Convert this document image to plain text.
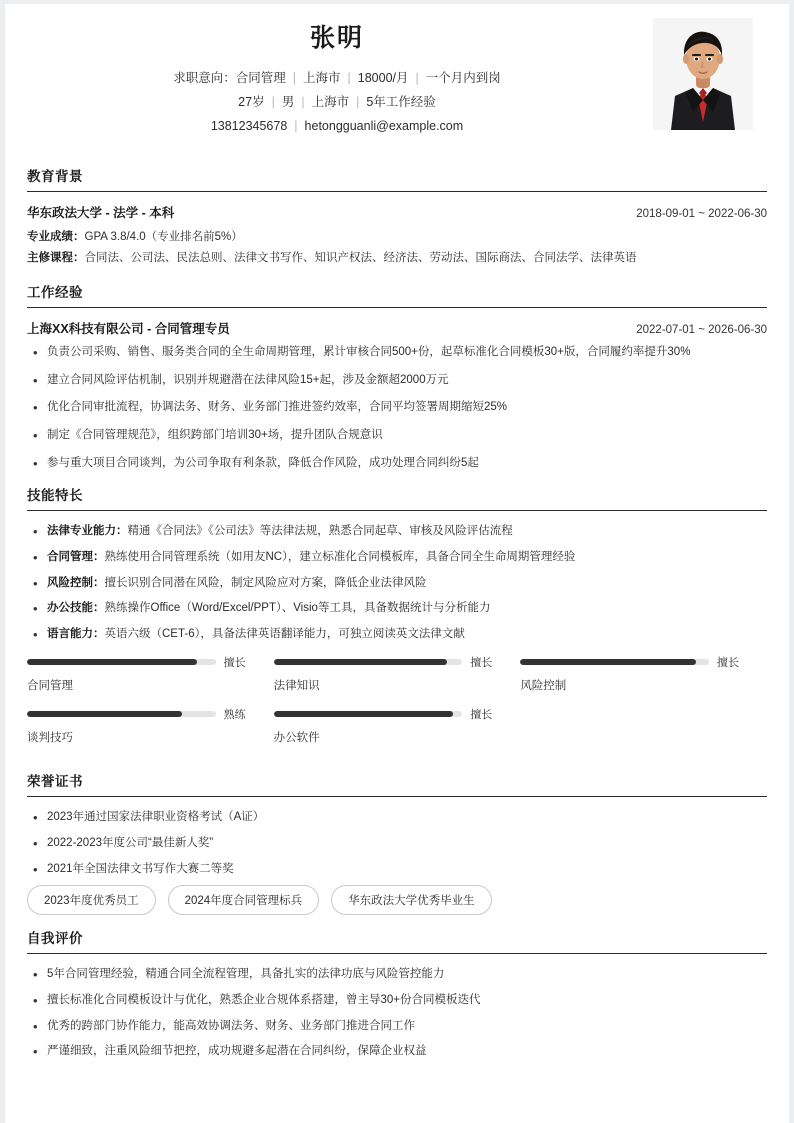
张明
求职意向：合同管理 | 上海市 | 18000/月 | 一个月内到岗
27岁 | 男 | 上海市 | 5年工作经验
13812345678 | hetongguanli@example.com
教育背景
华东政法大学 - 法学 - 本科	2018-09-01 ~ 2022-06-30
专业成绩：GPA 3.8/4.0（专业排名前5%）
主修课程：合同法、公司法、民法总则、法律文书写作、知识产权法、经济法、劳动法、国际商法、合同法学、法律英语
工作经验
上海XX科技有限公司 - 合同管理专员	2022-07-01 ~ 2026-06-30
• 负责公司采购、销售、服务类合同的全生命周期管理，累计审核合同500+份，起草标准化合同模板30+版，合同履约率提升30%
• 建立合同风险评估机制，识别并规避潜在法律风险15+起，涉及金额超2000万元
• 优化合同审批流程，协调法务、财务、业务部门推进签约效率，合同平均签署周期缩短25%
• 制定《合同管理规范》，组织跨部门培训30+场，提升团队合规意识
• 参与重大项目合同谈判，为公司争取有利条款，降低合作风险，成功处理合同纠纷5起
技能特长
• 法律专业能力：精通《合同法》《公司法》等法律法规，熟悉合同起草、审核及风险评估流程
• 合同管理：熟练使用合同管理系统（如用友NC），建立标准化合同模板库，具备合同全生命周期管理经验
• 风险控制：擅长识别合同潜在风险，制定风险应对方案，降低企业法律风险
• 办公技能：熟练操作Office（Word/Excel/PPT）、Visio等工具，具备数据统计与分析能力
• 语言能力：英语六级（CET-6），具备法律英语翻译能力，可独立阅读英文法律文献
擅长
合同管理
擅长
法律知识
擅长
风险控制
熟练
谈判技巧
擅长
办公软件
荣誉证书
• 2023年通过国家法律职业资格考试（A证）
• 2022-2023年度公司“最佳新人奖”
• 2021年全国法律文书写作大赛二等奖
2023年度优秀员工	2024年度合同管理标兵	华东政法大学优秀毕业生
自我评价
• 5年合同管理经验，精通合同全流程管理，具备扎实的法律功底与风险管控能力
• 擅长标准化合同模板设计与优化，熟悉企业合规体系搭建，曾主导30+份合同模板迭代
• 优秀的跨部门协作能力，能高效协调法务、财务、业务部门推进合同工作
• 严谨细致，注重风险细节把控，成功规避多起潜在合同纠纷，保障企业权益
